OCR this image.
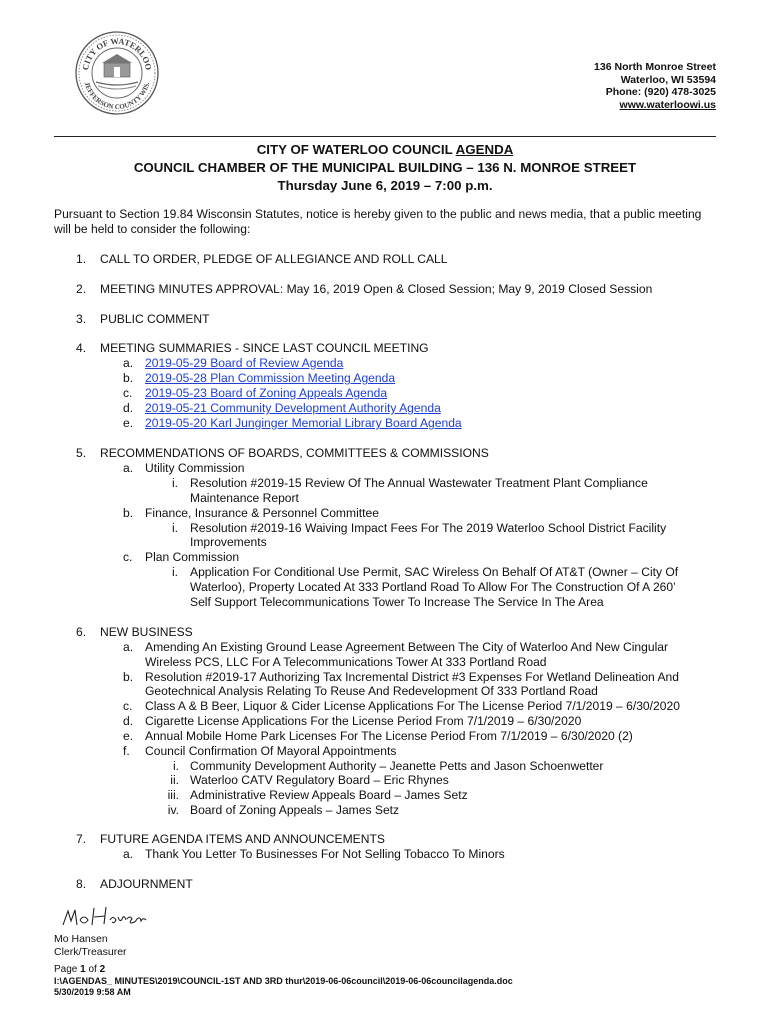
CITY OF WATERLOO
JEFFERSON COUNTY WIS.
136 North Monroe Street
Waterloo, WI 53594
Phone: (920) 478-3025
www.waterloowi.us
CITY OF WATERLOO COUNCIL AGENDA
COUNCIL CHAMBER OF THE MUNICIPAL BUILDING – 136 N. MONROE STREET
Thursday June 6, 2019 – 7:00 p.m.
Pursuant to Section 19.84 Wisconsin Statutes, notice is hereby given to the public and news media, that a public meeting will be held to consider the following:
1. CALL TO ORDER, PLEDGE OF ALLEGIANCE AND ROLL CALL
2. MEETING MINUTES APPROVAL: May 16, 2019 Open & Closed Session; May 9, 2019 Closed Session
3. PUBLIC COMMENT
4. MEETING SUMMARIES - SINCE LAST COUNCIL MEETING
a. 2019-05-29 Board of Review Agenda
b. 2019-05-28 Plan Commission Meeting Agenda
c. 2019-05-23 Board of Zoning Appeals Agenda
d. 2019-05-21 Community Development Authority Agenda
e. 2019-05-20 Karl Junginger Memorial Library Board Agenda
5. RECOMMENDATIONS OF BOARDS, COMMITTEES & COMMISSIONS
a. Utility Commission
i. Resolution #2019-15 Review Of The Annual Wastewater Treatment Plant Compliance
Maintenance Report
b. Finance, Insurance & Personnel Committee
i. Resolution #2019-16 Waiving Impact Fees For The 2019 Waterloo School District Facility
Improvements
c. Plan Commission
i. Application For Conditional Use Permit, SAC Wireless On Behalf Of AT&T (Owner – City Of
Waterloo), Property Located At 333 Portland Road To Allow For The Construction Of A 260’
Self Support Telecommunications Tower To Increase The Service In The Area
6. NEW BUSINESS
a. Amending An Existing Ground Lease Agreement Between The City of Waterloo And New Cingular
Wireless PCS, LLC For A Telecommunications Tower At 333 Portland Road
b. Resolution #2019-17 Authorizing Tax Incremental District #3 Expenses For Wetland Delineation And
Geotechnical Analysis Relating To Reuse And Redevelopment Of 333 Portland Road
c. Class A & B Beer, Liquor & Cider License Applications For The License Period 7/1/2019 – 6/30/2020
d. Cigarette License Applications For the License Period From 7/1/2019 – 6/30/2020
e. Annual Mobile Home Park Licenses For The License Period From 7/1/2019 – 6/30/2020 (2)
f. Council Confirmation Of Mayoral Appointments
i. Community Development Authority – Jeanette Petts and Jason Schoenwetter
ii. Waterloo CATV Regulatory Board – Eric Rhynes
iii. Administrative Review Appeals Board – James Setz
iv. Board of Zoning Appeals – James Setz
7. FUTURE AGENDA ITEMS AND ANNOUNCEMENTS
a. Thank You Letter To Businesses For Not Selling Tobacco To Minors
8. ADJOURNMENT
Mo Hansen
Mo Hansen
Clerk/Treasurer
Page 1 of 2
I:\AGENDAS_ MINUTES\2019\COUNCIL-1ST AND 3RD thur\2019-06-06council\2019-06-06councilagenda.doc
5/30/2019 9:58 AM
